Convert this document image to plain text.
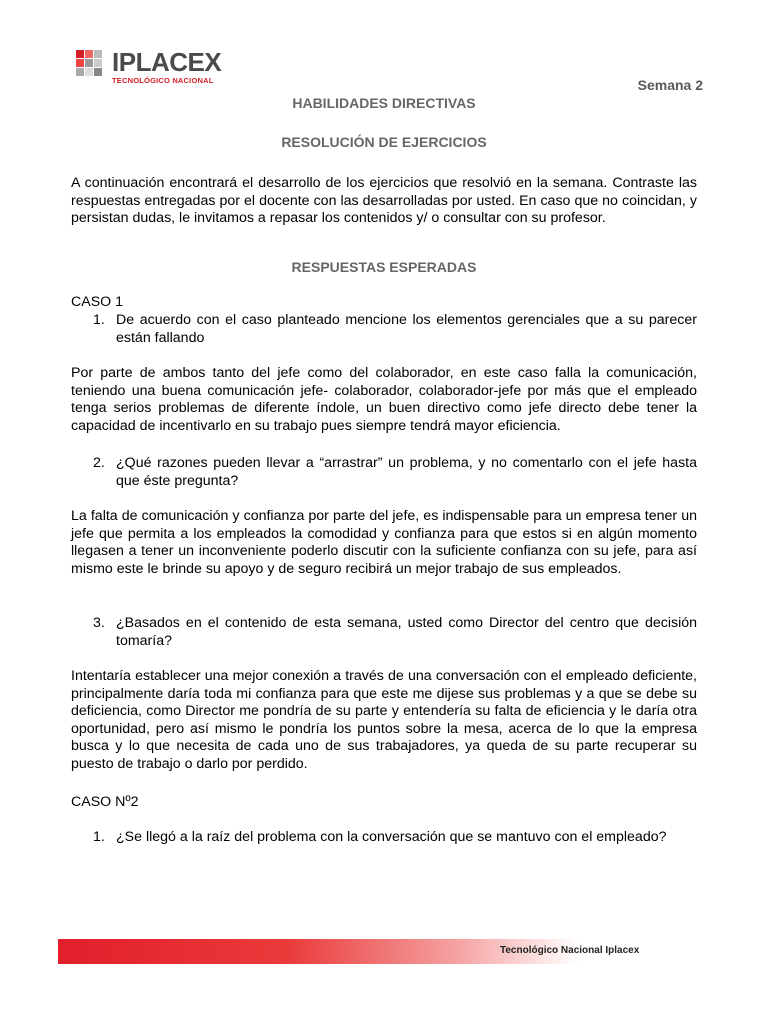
IPLACEX
TECNOLÓGICO NACIONAL	Semana 2
HABILIDADES DIRECTIVAS
RESOLUCIÓN DE EJERCICIOS
A continuación encontrará el desarrollo de los ejercicios que resolvió en la semana. Contraste las respuestas entregadas por el docente con las desarrolladas por usted. En caso que no coincidan, y persistan dudas, le invitamos a repasar los contenidos y/ o consultar con su profesor.
RESPUESTAS ESPERADAS
CASO 1
1. De acuerdo con el caso planteado mencione los elementos gerenciales que a su parecer están fallando
Por parte de ambos tanto del jefe como del colaborador, en este caso falla la comunicación, teniendo una buena comunicación jefe- colaborador, colaborador-jefe por más que el empleado tenga serios problemas de diferente índole, un buen directivo como jefe directo debe tener la capacidad de incentivarlo en su trabajo pues siempre tendrá mayor eficiencia.
2. ¿Qué razones pueden llevar a “arrastrar” un problema, y no comentarlo con el jefe hasta que éste pregunta?
La falta de comunicación y confianza por parte del jefe, es indispensable para un empresa tener un jefe que permita a los empleados la comodidad y confianza para que estos si en algún momento llegasen a tener un inconveniente poderlo discutir con la suficiente confianza con su jefe, para así mismo este le brinde su apoyo y de seguro recibirá un mejor trabajo de sus empleados.
3. ¿Basados en el contenido de esta semana, usted como Director del centro que decisión tomaría?
Intentaría establecer una mejor conexión a través de una conversación con el empleado deficiente, principalmente daría toda mi confianza para que este me dijese sus problemas y a que se debe su deficiencia, como Director me pondría de su parte y entendería su falta de eficiencia y le daría otra oportunidad, pero así mismo le pondría los puntos sobre la mesa, acerca de lo que la empresa busca y lo que necesita de cada uno de sus trabajadores, ya queda de su parte recuperar su puesto de trabajo o darlo por perdido.
CASO Nº2
1. ¿Se llegó a la raíz del problema con la conversación que se mantuvo con el empleado?
Tecnológico Nacional Iplacex
